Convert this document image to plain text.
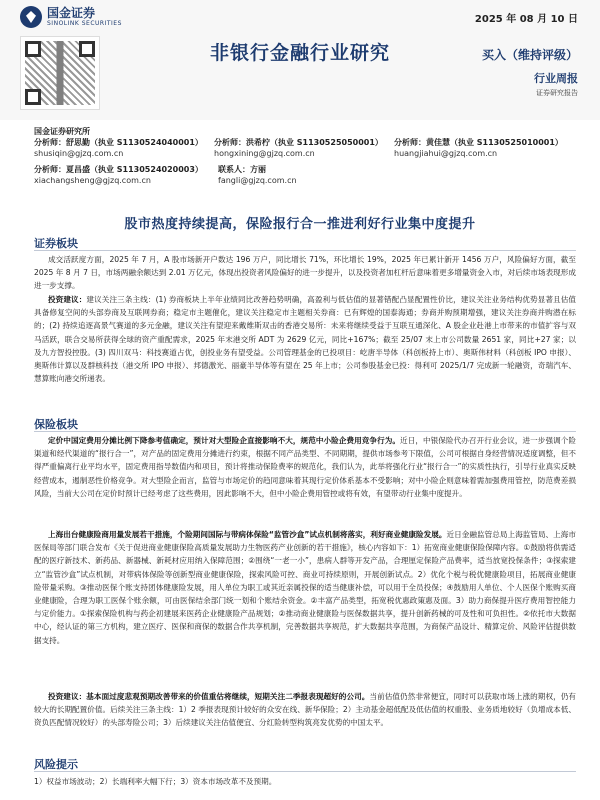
国金证券
SINOLINK SECURITIES	2025 年 08 月 10 日
非银行金融行业研究	买入（维持评级）
行业周报
证券研究报告
国金证券研究所
分析师：舒思勤（执业 S1130524040001）
shusiqin@gjzq.com.cn
分析师：洪希柠（执业 S1130525050001）
hongxining@gjzq.com.cn
分析师：黄佳慧（执业 S1130525010001）
huangjiahui@gjzq.com.cn
分析师：夏昌盛（执业 S1130524020003）
xiachangsheng@gjzq.com.cn
联系人：方丽
fangli@gjzq.com.cn
股市热度持续提高，保险报行合一推进利好行业集中度提升
证券板块
成交活跃度方面，2025 年 7 月，A 股市场新开户数达 196 万户，同比增长 71%，环比增长 19%，2025 年已累计新开 1456 万户，风险偏好方面，截至 2025 年 8 月 7 日，市场两融余额达到 2.01 万亿元，体现出投资者风险偏好的进一步提升，以及投资者加杠杆后意味着更多增量资金入市，对后续市场表现形成进一步支撑。
投资建议：建议关注三条主线：(1) 券商板块上半年业绩同比改善趋势明确，高盈利与低估值的显著错配凸显配置性价比，建议关注业务结构优势显著且估值具备修复空间的头部券商及互联网券商；稳定市主题催化，建议关注稳定市主题相关券商：已有辉煌的国泰海通；券商并购预期增强，建议关注券商并购潜在标的；(2) 持续追逐高景气赛道的多元金融，建议关注有望迎来戴维斯双击的香港交易所：未来将继续受益于互联互通深化、A 股企业赴港上市带来的市值扩容与双马活跃，联合交易所获得全球的资产重配需求，2025 年末港交所 ADT 为 2629 亿元，同比+167%；截至 25/07 末上市公司数量 2651 家，同比+27 家；以及九方智投控股。(3) 四川双马：科技赛道占优，创投业务有望受益。公司管理基金的已投项目：屹唐半导体（科创板持上市）、奥斯伟材料（科创板 IPO 申报）、奥斯伟计算以及群核科技（港交所 IPO 申报）、邦德激光、丽豪半导体等有望在 25 年上市；公司参股基金已投：得利可 2025/1/7 完成新一轮融资，奇瑞汽车、慧算账向港交所递表。
保险板块
定价中国定费用分摊比例下降参考值确定，预计对大型险企直接影响不大，规范中小险企费用竞争行为。近日，中银保险代办召开行业会议，进一步强调个险渠道和经代渠道的“报行合一”，对产品的固定费用分摊进行约束，根据不同产品类型、不同期期，提供市场参考下限值，公司可根据自身经营情况适度调整，但不得严重偏离行业平均水平，固定费用指导数值内和项目，预计将推动保险费率的规范化，我们认为，此举将强化行业“报行合一”的实质性执行，引导行业真实反映经营成本，遏制恶性价格竞争。对大型险企而言，监管与市场定价的趋同意味着其现行定价体系基本不受影响；对中小险企则意味着需加强费用管控，防范费差损风险，当前大公司在定价时预计已经考虑了这些费用，因此影响不大，但中小险企费用管控或将有效，有望带动行业集中度提升。
上海出台健康险商用量发展若干措施，个险期间国际与带病体保险“监管沙盒”试点机制将落实，利好商业健康险发展。近日金融监管总局上海监管局、上海市医保局等部门联合发布《关于促进商业健康保险高质量发展助力生物医药产业创新的若干措施》，核心内容如下：1）拓宽商业健康保险保障内容。①鼓励将供需适配的医疗新技术、新药品、新器械、新耗材应用纳入保障范围；②围绕“一老一小”，患病人群等开发产品，合理厘定保险产品费率，适当放宽投保条件；③探索建立“监管沙盒”试点机制，对带病体保险等创新型商业健康保险，探索风险可控、商业可持续原则，开展创新试点。2）优化个税与税优健康险项目，拓展商业健康险带量采购。③推动医保个账支持团体健康险发展，用人单位为职工或其近亲属投保的适当健康补偿，可以用于全员投保；④鼓励用人单位、个人医保个账购买商业健康险，合理为职工医保个账余额，可由医保结余部门统一划和个账结余资金。②丰富产品类型，拓宽税优惠政策惠及面。3）助力商保提升医疗费用智控能力与定价能力。①探索保险机构与药企初建展来医药企业健康险产品规划；②推动商业健康险与医保数据共享，提升创新药械的可及性和可负担性。②依托市大数据中心，经认证的第三方机构，建立医疗、医保和商保的数据合作共享机制，完善数据共享规范，扩大数据共享范围，为商保产品设计、精算定价、风险评估提供数据支持。
投资建议：基本面过度悲观预期改善带来的价值重估将继续，短期关注二季报表现超好的公司。当前估值仍然非常便宜，同时可以获取市场上涨的期权，仍有较大的长期配置价值。后续关注三条主线：1）2 季报表现预计较好的众安在线、新华保险；2）主动基金超低配及低估值的权重股、业务质地较好（负增成本低、资负匹配情况较好）的头部寿险公司；3）后续建议关注估值便宜、分红险转型构筑亮发优势的中国太平。
风险提示
1）权益市场波动；2）长端利率大幅下行；3）资本市场改革不及预期。
